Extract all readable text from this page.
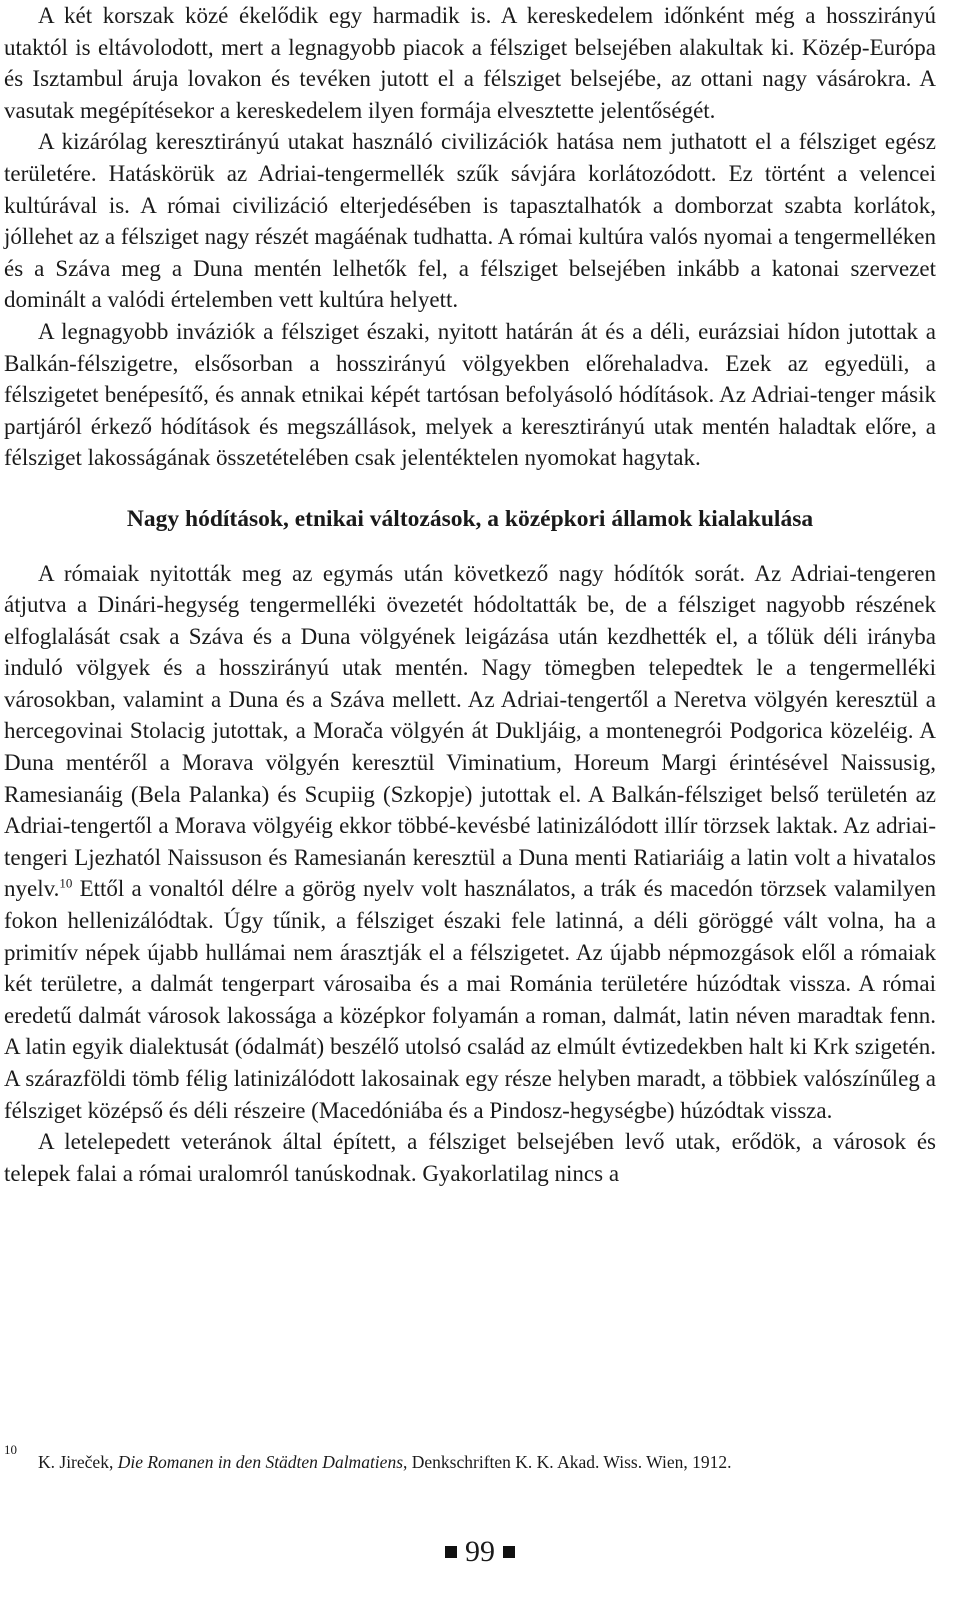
A két korszak közé ékelődik egy harmadik is. A kereskedelem időnként még a hosszirányú utaktól is eltávolodott, mert a legnagyobb piacok a félsziget belsejében alakultak ki. Közép-Európa és Isztambul áruja lovakon és tevéken jutott el a félsziget belsejébe, az ottani nagy vásárokra. A vasutak megépítésekor a kereskedelem ilyen formája elvesztette jelentőségét.

A kizárólag keresztirányú utakat használó civilizációk hatása nem juthatott el a félsziget egész területére. Hatáskörük az Adriai-tengermellék szűk sávjára korlátozódott. Ez történt a velencei kultúrával is. A római civilizáció elterjedésében is tapasztalhatók a domborzat szabta korlátok, jóllehet az a félsziget nagy részét magáénak tudhatta. A római kultúra valós nyomai a tengermelléken és a Száva meg a Duna mentén lelhetők fel, a félsziget belsejében inkább a katonai szervezet dominált a valódi értelemben vett kultúra helyett.

A legnagyobb inváziók a félsziget északi, nyitott határán át és a déli, eurázsiai hídon jutottak a Balkán-félszigetre, elsősorban a hosszirányú völgyekben előrehaladva. Ezek az egyedüli, a félszigetet benépesítő, és annak etnikai képét tartósan befolyásoló hódítások. Az Adriai-tenger másik partjáról érkező hódítások és megszállások, melyek a keresztirányú utak mentén haladtak előre, a félsziget lakosságának összetételében csak jelentéktelen nyomokat hagytak.

Nagy hódítások, etnikai változások, a középkori államok kialakulása

A rómaiak nyitották meg az egymás után következő nagy hódítók sorát. Az Adriai-tengeren átjutva a Dinári-hegység tengermelléki övezetét hódoltatták be, de a félsziget nagyobb részének elfoglalását csak a Száva és a Duna völgyének leigázása után kezdhették el, a tőlük déli irányba induló völgyek és a hosszirányú utak mentén. Nagy tömegben telepedtek le a tengermelléki városokban, valamint a Duna és a Száva mellett. Az Adriai-tengertől a Neretva völgyén keresztül a hercegovinai Stolacig jutottak, a Morača völgyén át Dukljáig, a montenegrói Podgorica közeléig. A Duna mentéről a Morava völgyén keresztül Viminatium, Horeum Margi érintésével Naissusig, Ramesianáig (Bela Palanka) és Scupiig (Szkopje) jutottak el. A Balkán-félsziget belső területén az Adriai-tengertől a Morava völgyéig ekkor többé-kevésbé latinizálódott illír törzsek laktak. Az adriai-tengeri Ljezhatól Naissuson és Ramesianán keresztül a Duna menti Ratiariáig a latin volt a hivatalos nyelv.$^{10}$ Ettől a vonaltól délre a görög nyelv volt használatos, a trák és macedón törzsek valamilyen fokon hellenizálódtak. Úgy tűnik, a félsziget északi fele latinná, a déli göröggé vált volna, ha a primitív népek újabb hullámai nem árasztják el a félszigetet. Az újabb népmozgások elől a rómaiak két területre, a dalmát tengerpart városaiba és a mai Románia területére húzódtak vissza. A római eredetű dalmát városok lakossága a középkor folyamán a roman, dalmát, latin néven maradtak fenn. A latin egyik dialektusát (ódalmát) beszélő utolsó család az elmúlt évtizedekben halt ki Krk szigetén. A szárazföldi tömb félig latinizálódott lakosainak egy része helyben maradt, a többiek valószínűleg a félsziget középső és déli részeire (Macedóniába és a Pindosz-hegységbe) húzódtak vissza.

A letelepedett veteránok által épített, a félsziget belsejében levő utak, erődök, a városok és telepek falai a római uralomról tanúskodnak. Gyakorlatilag nincs a

10
K. Jireček, Die Romanen in den Städten Dalmatiens, Denkschriften K. K. Akad. Wiss. Wien, 1912.
99
